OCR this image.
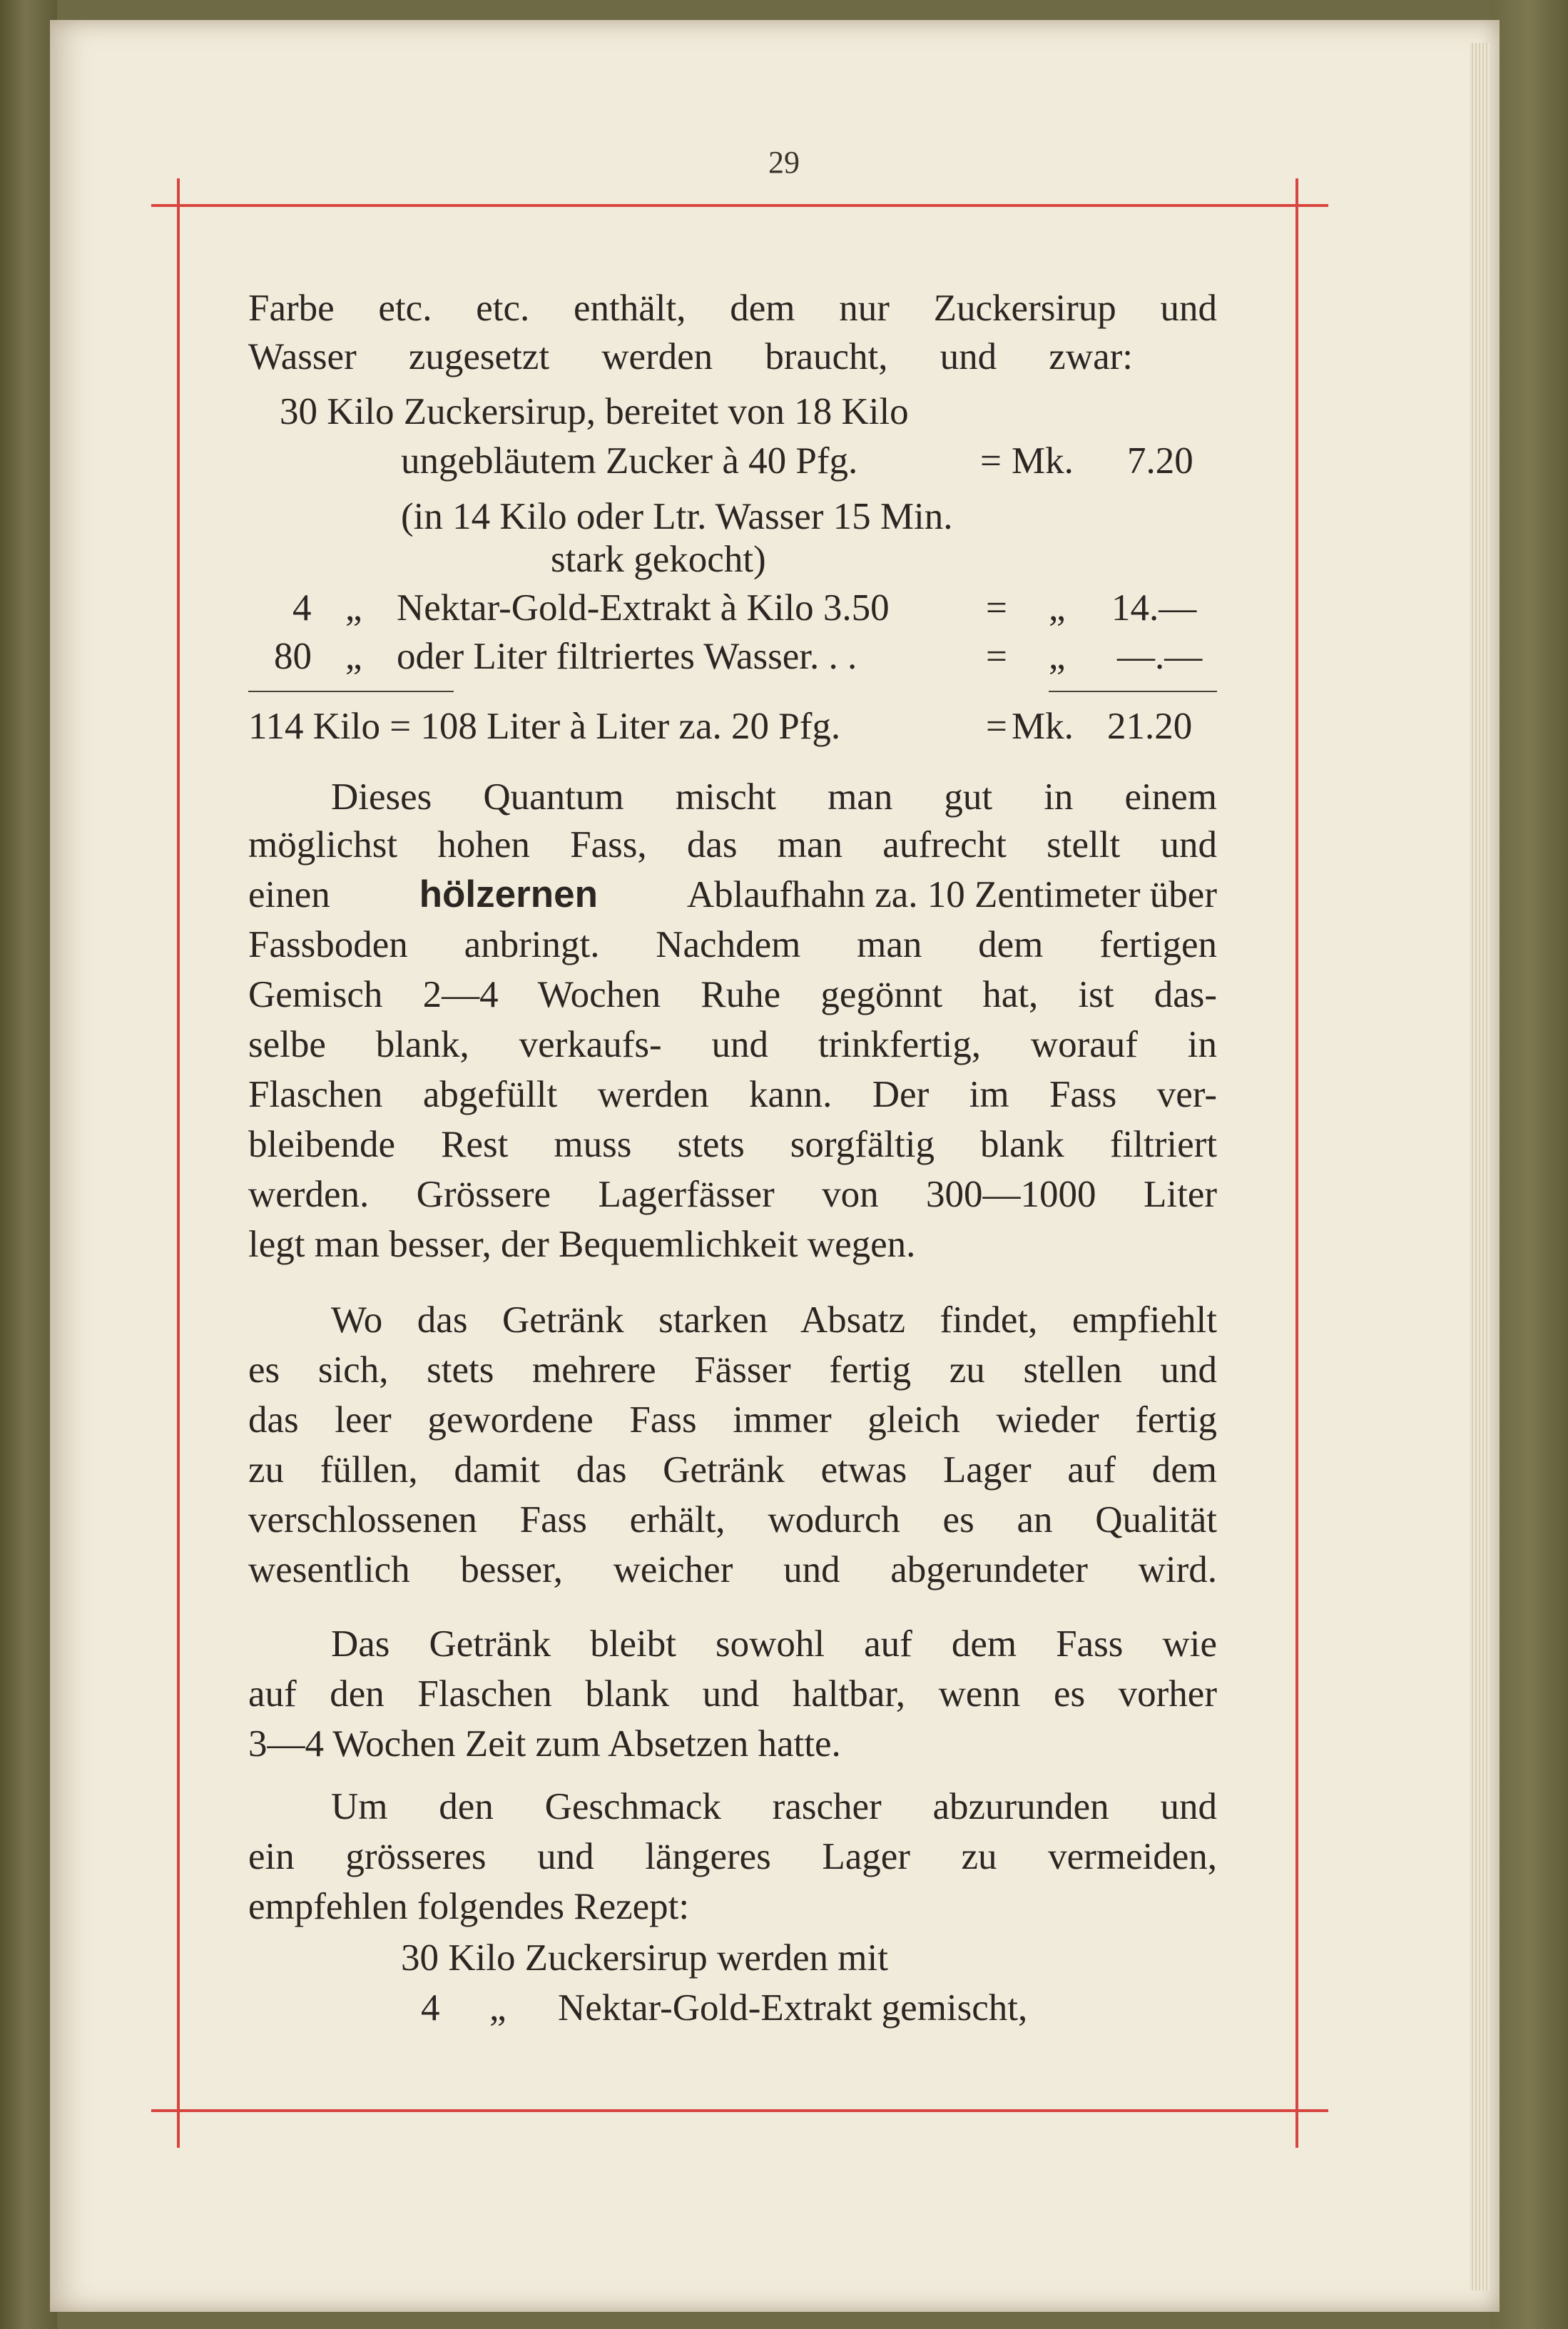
29
Farbe etc. etc. enthält, dem nur Zuckersirup und
Wasser zugesetzt werden braucht, und zwar:
30 Kilo Zuckersirup, bereitet von 18 Kilo
ungebläutem Zucker à 40 Pfg.	= Mk. 7.20
(in 14 Kilo oder Ltr. Wasser 15 Min.
stark gekocht)
4 „ Nektar-Gold-Extrakt à Kilo 3.50	= „ 14.—
80 „ oder Liter filtriertes Wasser. . .	= „ —.—
114 Kilo = 108 Liter à Liter za. 20 Pfg.	= Mk. 21.20
Dieses Quantum mischt man gut in einem
möglichst hohen Fass, das man aufrecht stellt und
einen hölzernen Ablaufhahn za. 10 Zentimeter über
Fassboden anbringt. Nachdem man dem fertigen
Gemisch 2—4 Wochen Ruhe gegönnt hat, ist das-
selbe blank, verkaufs- und trinkfertig, worauf in
Flaschen abgefüllt werden kann. Der im Fass ver-
bleibende Rest muss stets sorgfältig blank filtriert
werden. Grössere Lagerfässer von 300—1000 Liter
legt man besser, der Bequemlichkeit wegen.
Wo das Getränk starken Absatz findet, empfiehlt
es sich, stets mehrere Fässer fertig zu stellen und
das leer gewordene Fass immer gleich wieder fertig
zu füllen, damit das Getränk etwas Lager auf dem
verschlossenen Fass erhält, wodurch es an Qualität
wesentlich besser, weicher und abgerundeter wird.
Das Getränk bleibt sowohl auf dem Fass wie
auf den Flaschen blank und haltbar, wenn es vorher
3—4 Wochen Zeit zum Absetzen hatte.
Um den Geschmack rascher abzurunden und
ein grösseres und längeres Lager zu vermeiden,
empfehlen folgendes Rezept:
30 Kilo Zuckersirup werden mit
4 „ Nektar-Gold-Extrakt gemischt,
